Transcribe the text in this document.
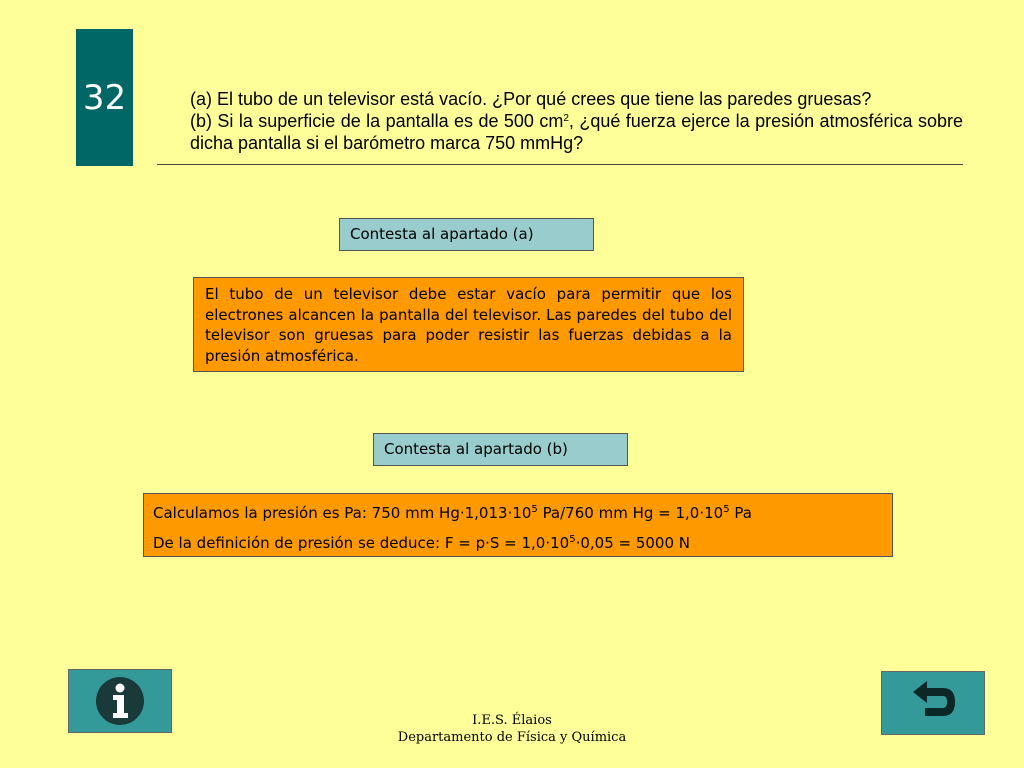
32	(a) El tubo de un televisor está vacío. ¿Por qué crees que tiene las paredes gruesas?

(b) Si la superficie de la pantalla es de 500 $cm^2$, ¿qué fuerza ejerce la presión atmosférica sobre dicha pantalla si el barómetro marca 750 mmHg?

Contesta al apartado (a)
El tubo de un televisor debe estar vacío para permitir que los electrones alcancen la pantalla del televisor. Las paredes del tubo del televisor son gruesas para poder resistir las fuerzas debidas a la presión atmosférica.
Contesta al apartado (b)
Calculamos la presión es Pa: 750 mm $Hg\cdot 1,013\cdot 10^5$ Pa/760 mm $Hg = 1,0\cdot 10^5$ Pa
De la definición de presión se deduce: $F = p\cdot S = 1,0\cdot 10^5\cdot 0,05 = 5000$ N
I.E.S. Élaios
Departamento de Física y Química
